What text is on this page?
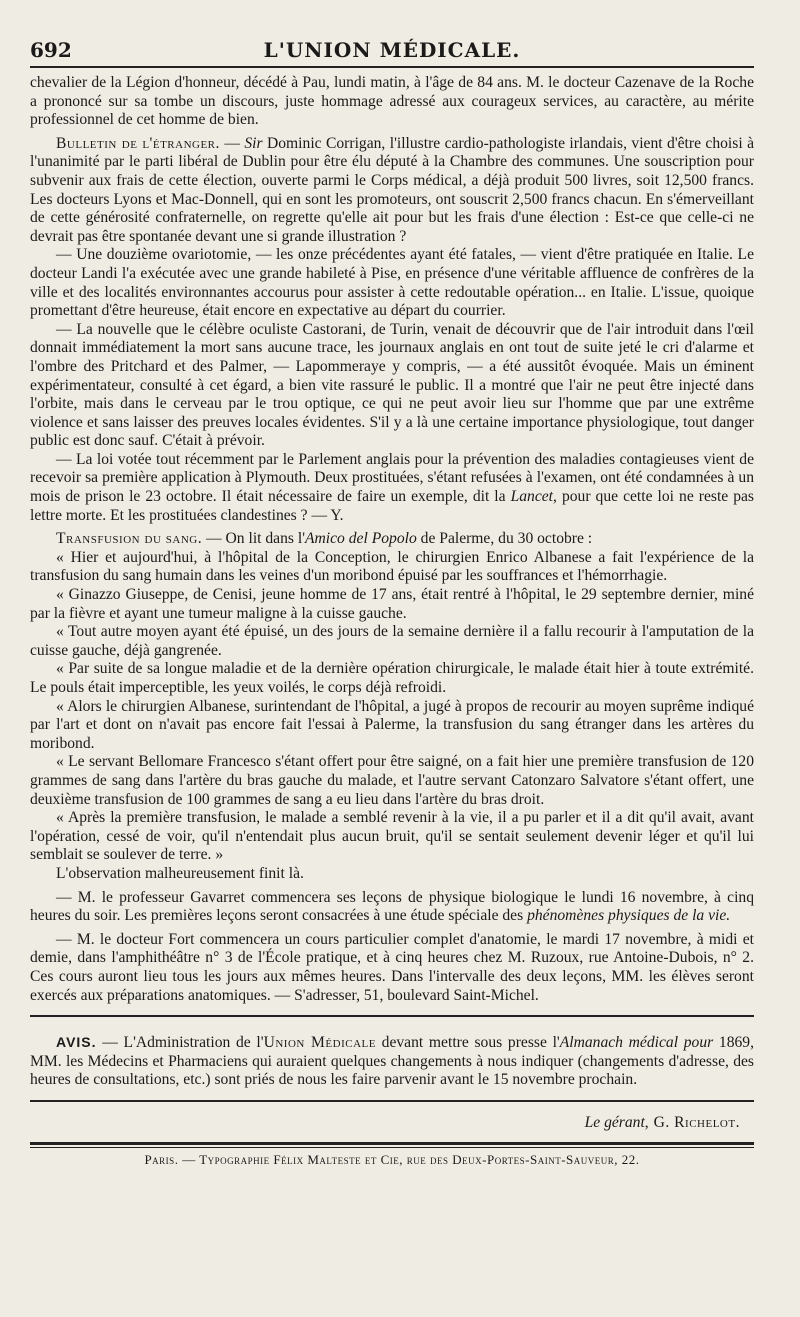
692	L'UNION MÉDICALE.

chevalier de la Légion d'honneur, décédé à Pau, lundi matin, à l'âge de 84 ans. M. le docteur Cazenave de la Roche a prononcé sur sa tombe un discours, juste hommage adressé aux courageux services, au caractère, au mérite professionnel de cet homme de bien.

Bulletin de l'étranger. — Sir Dominic Corrigan, l'illustre cardio-pathologiste irlandais, vient d'être choisi à l'unanimité par le parti libéral de Dublin pour être élu député à la Chambre des communes. Une souscription pour subvenir aux frais de cette élection, ouverte parmi le Corps médical, a déjà produit 500 livres, soit 12,500 francs. Les docteurs Lyons et Mac-Donnell, qui en sont les promoteurs, ont souscrit 2,500 francs chacun. En s'émerveillant de cette générosité confraternelle, on regrette qu'elle ait pour but les frais d'une élection : Est-ce que celle-ci ne devrait pas être spontanée devant une si grande illustration ?

— Une douzième ovariotomie, — les onze précédentes ayant été fatales, — vient d'être pratiquée en Italie. Le docteur Landi l'a exécutée avec une grande habileté à Pise, en présence d'une véritable affluence de confrères de la ville et des localités environnantes accourus pour assister à cette redoutable opération... en Italie. L'issue, quoique promettant d'être heureuse, était encore en expectative au départ du courrier.

— La nouvelle que le célèbre oculiste Castorani, de Turin, venait de découvrir que de l'air introduit dans l'œil donnait immédiatement la mort sans aucune trace, les journaux anglais en ont tout de suite jeté le cri d'alarme et l'ombre des Pritchard et des Palmer, — Lapommeraye y compris, — a été aussitôt évoquée. Mais un éminent expérimentateur, consulté à cet égard, a bien vite rassuré le public. Il a montré que l'air ne peut être injecté dans l'orbite, mais dans le cerveau par le trou optique, ce qui ne peut avoir lieu sur l'homme que par une extrême violence et sans laisser des preuves locales évidentes. S'il y a là une certaine importance physiologique, tout danger public est donc sauf. C'était à prévoir.

— La loi votée tout récemment par le Parlement anglais pour la prévention des maladies contagieuses vient de recevoir sa première application à Plymouth. Deux prostituées, s'étant refusées à l'examen, ont été condamnées à un mois de prison le 23 octobre. Il était nécessaire de faire un exemple, dit la Lancet, pour que cette loi ne reste pas lettre morte. Et les prostituées clandestines ? — Y.

Transfusion du sang. — On lit dans l'Amico del Popolo de Palerme, du 30 octobre :

« Hier et aujourd'hui, à l'hôpital de la Conception, le chirurgien Enrico Albanese a fait l'expérience de la transfusion du sang humain dans les veines d'un moribond épuisé par les souffrances et l'hémorrhagie.

« Ginazzo Giuseppe, de Cenisi, jeune homme de 17 ans, était rentré à l'hôpital, le 29 septembre dernier, miné par la fièvre et ayant une tumeur maligne à la cuisse gauche.

« Tout autre moyen ayant été épuisé, un des jours de la semaine dernière il a fallu recourir à l'amputation de la cuisse gauche, déjà gangrenée.

« Par suite de sa longue maladie et de la dernière opération chirurgicale, le malade était hier à toute extrémité. Le pouls était imperceptible, les yeux voilés, le corps déjà refroidi.

« Alors le chirurgien Albanese, surintendant de l'hôpital, a jugé à propos de recourir au moyen suprême indiqué par l'art et dont on n'avait pas encore fait l'essai à Palerme, la transfusion du sang étranger dans les artères du moribond.

« Le servant Bellomare Francesco s'étant offert pour être saigné, on a fait hier une première transfusion de 120 grammes de sang dans l'artère du bras gauche du malade, et l'autre servant Catonzaro Salvatore s'étant offert, une deuxième transfusion de 100 grammes de sang a eu lieu dans l'artère du bras droit.

« Après la première transfusion, le malade a semblé revenir à la vie, il a pu parler et il a dit qu'il avait, avant l'opération, cessé de voir, qu'il n'entendait plus aucun bruit, qu'il se sentait seulement devenir léger et qu'il lui semblait se soulever de terre. »

L'observation malheureusement finit là.

— M. le professeur Gavarret commencera ses leçons de physique biologique le lundi 16 novembre, à cinq heures du soir. Les premières leçons seront consacrées à une étude spéciale des phénomènes physiques de la vie.

— M. le docteur Fort commencera un cours particulier complet d'anatomie, le mardi 17 novembre, à midi et demie, dans l'amphithéâtre n° 3 de l'École pratique, et à cinq heures chez M. Ruzoux, rue Antoine-Dubois, n° 2. Ces cours auront lieu tous les jours aux mêmes heures. Dans l'intervalle des deux leçons, MM. les élèves seront exercés aux préparations anatomiques. — S'adresser, 51, boulevard Saint-Michel.

AVIS. — L'Administration de l'Union Médicale devant mettre sous presse l'Almanach médical pour 1869, MM. les Médecins et Pharmaciens qui auraient quelques changements à nous indiquer (changements d'adresse, des heures de consultations, etc.) sont priés de nous les faire parvenir avant le 15 novembre prochain.

Le gérant, G. Richelot.
Paris. — Typographie Félix Malteste et Cie, rue des Deux-Portes-Saint-Sauveur, 22.
